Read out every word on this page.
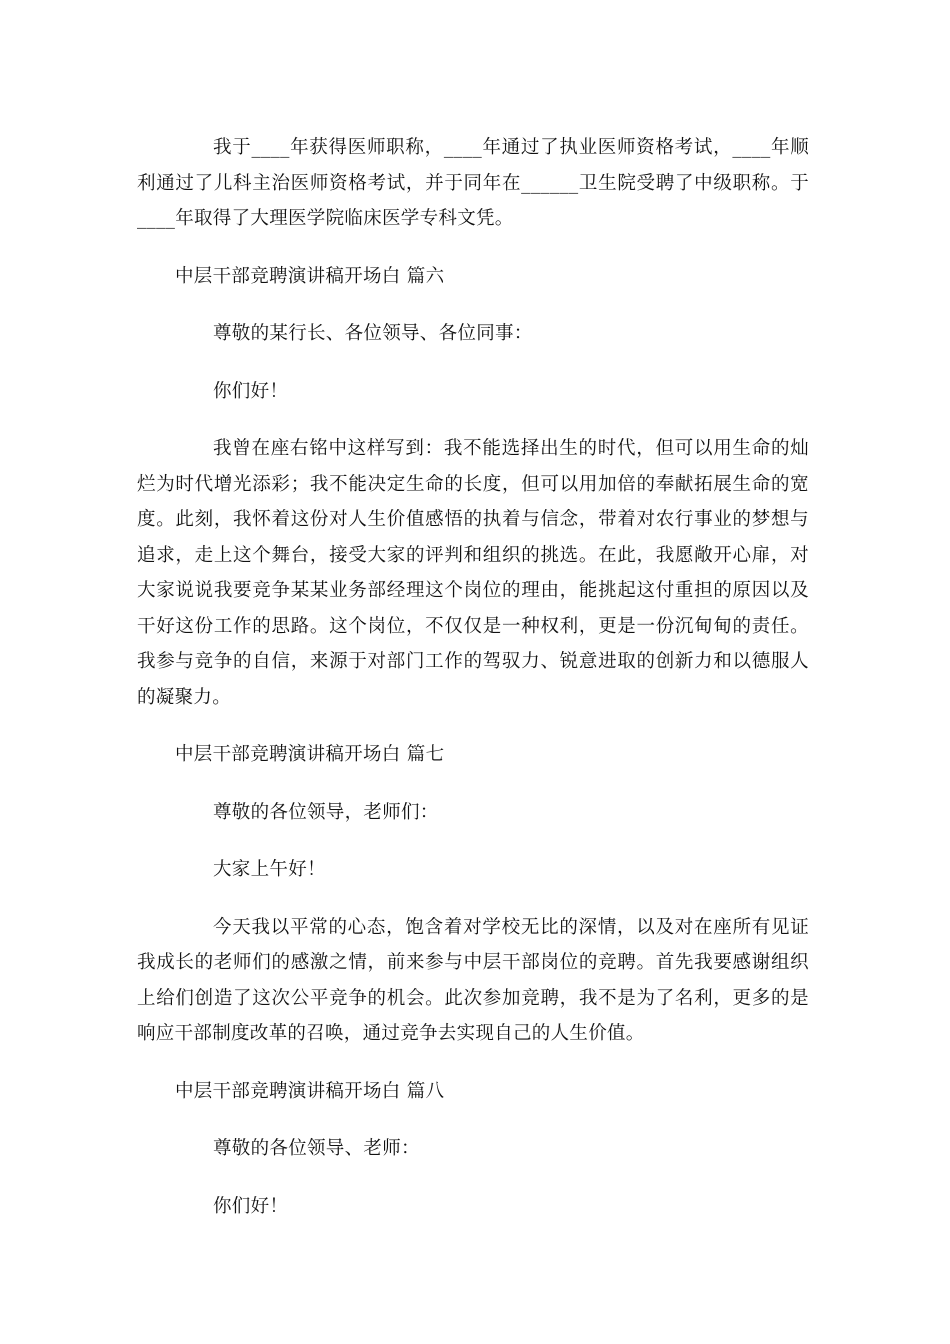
我于____年获得医师职称，____年通过了执业医师资格考试，____年顺利通过了儿科主治医师资格考试，并于同年在______卫生院受聘了中级职称。于____年取得了大理医学院临床医学专科文凭。

中层干部竞聘演讲稿开场白 篇六

尊敬的某行长、各位领导、各位同事：

你们好！

我曾在座右铭中这样写到：我不能选择出生的时代，但可以用生命的灿烂为时代增光添彩；我不能决定生命的长度，但可以用加倍的奉献拓展生命的宽度。此刻，我怀着这份对人生价值感悟的执着与信念，带着对农行事业的梦想与追求，走上这个舞台，接受大家的评判和组织的挑选。在此，我愿敞开心扉，对大家说说我要竞争某某业务部经理这个岗位的理由，能挑起这付重担的原因以及干好这份工作的思路。这个岗位，不仅仅是一种权利，更是一份沉甸甸的责任。我参与竞争的自信，来源于对部门工作的驾驭力、锐意进取的创新力和以德服人的凝聚力。

中层干部竞聘演讲稿开场白 篇七

尊敬的各位领导，老师们：

大家上午好！

今天我以平常的心态，饱含着对学校无比的深情，以及对在座所有见证我成长的老师们的感激之情，前来参与中层干部岗位的竞聘。首先我要感谢组织上给们创造了这次公平竞争的机会。此次参加竞聘，我不是为了名利，更多的是响应干部制度改革的召唤，通过竞争去实现自己的人生价值。

中层干部竞聘演讲稿开场白 篇八

尊敬的各位领导、老师：

你们好！
